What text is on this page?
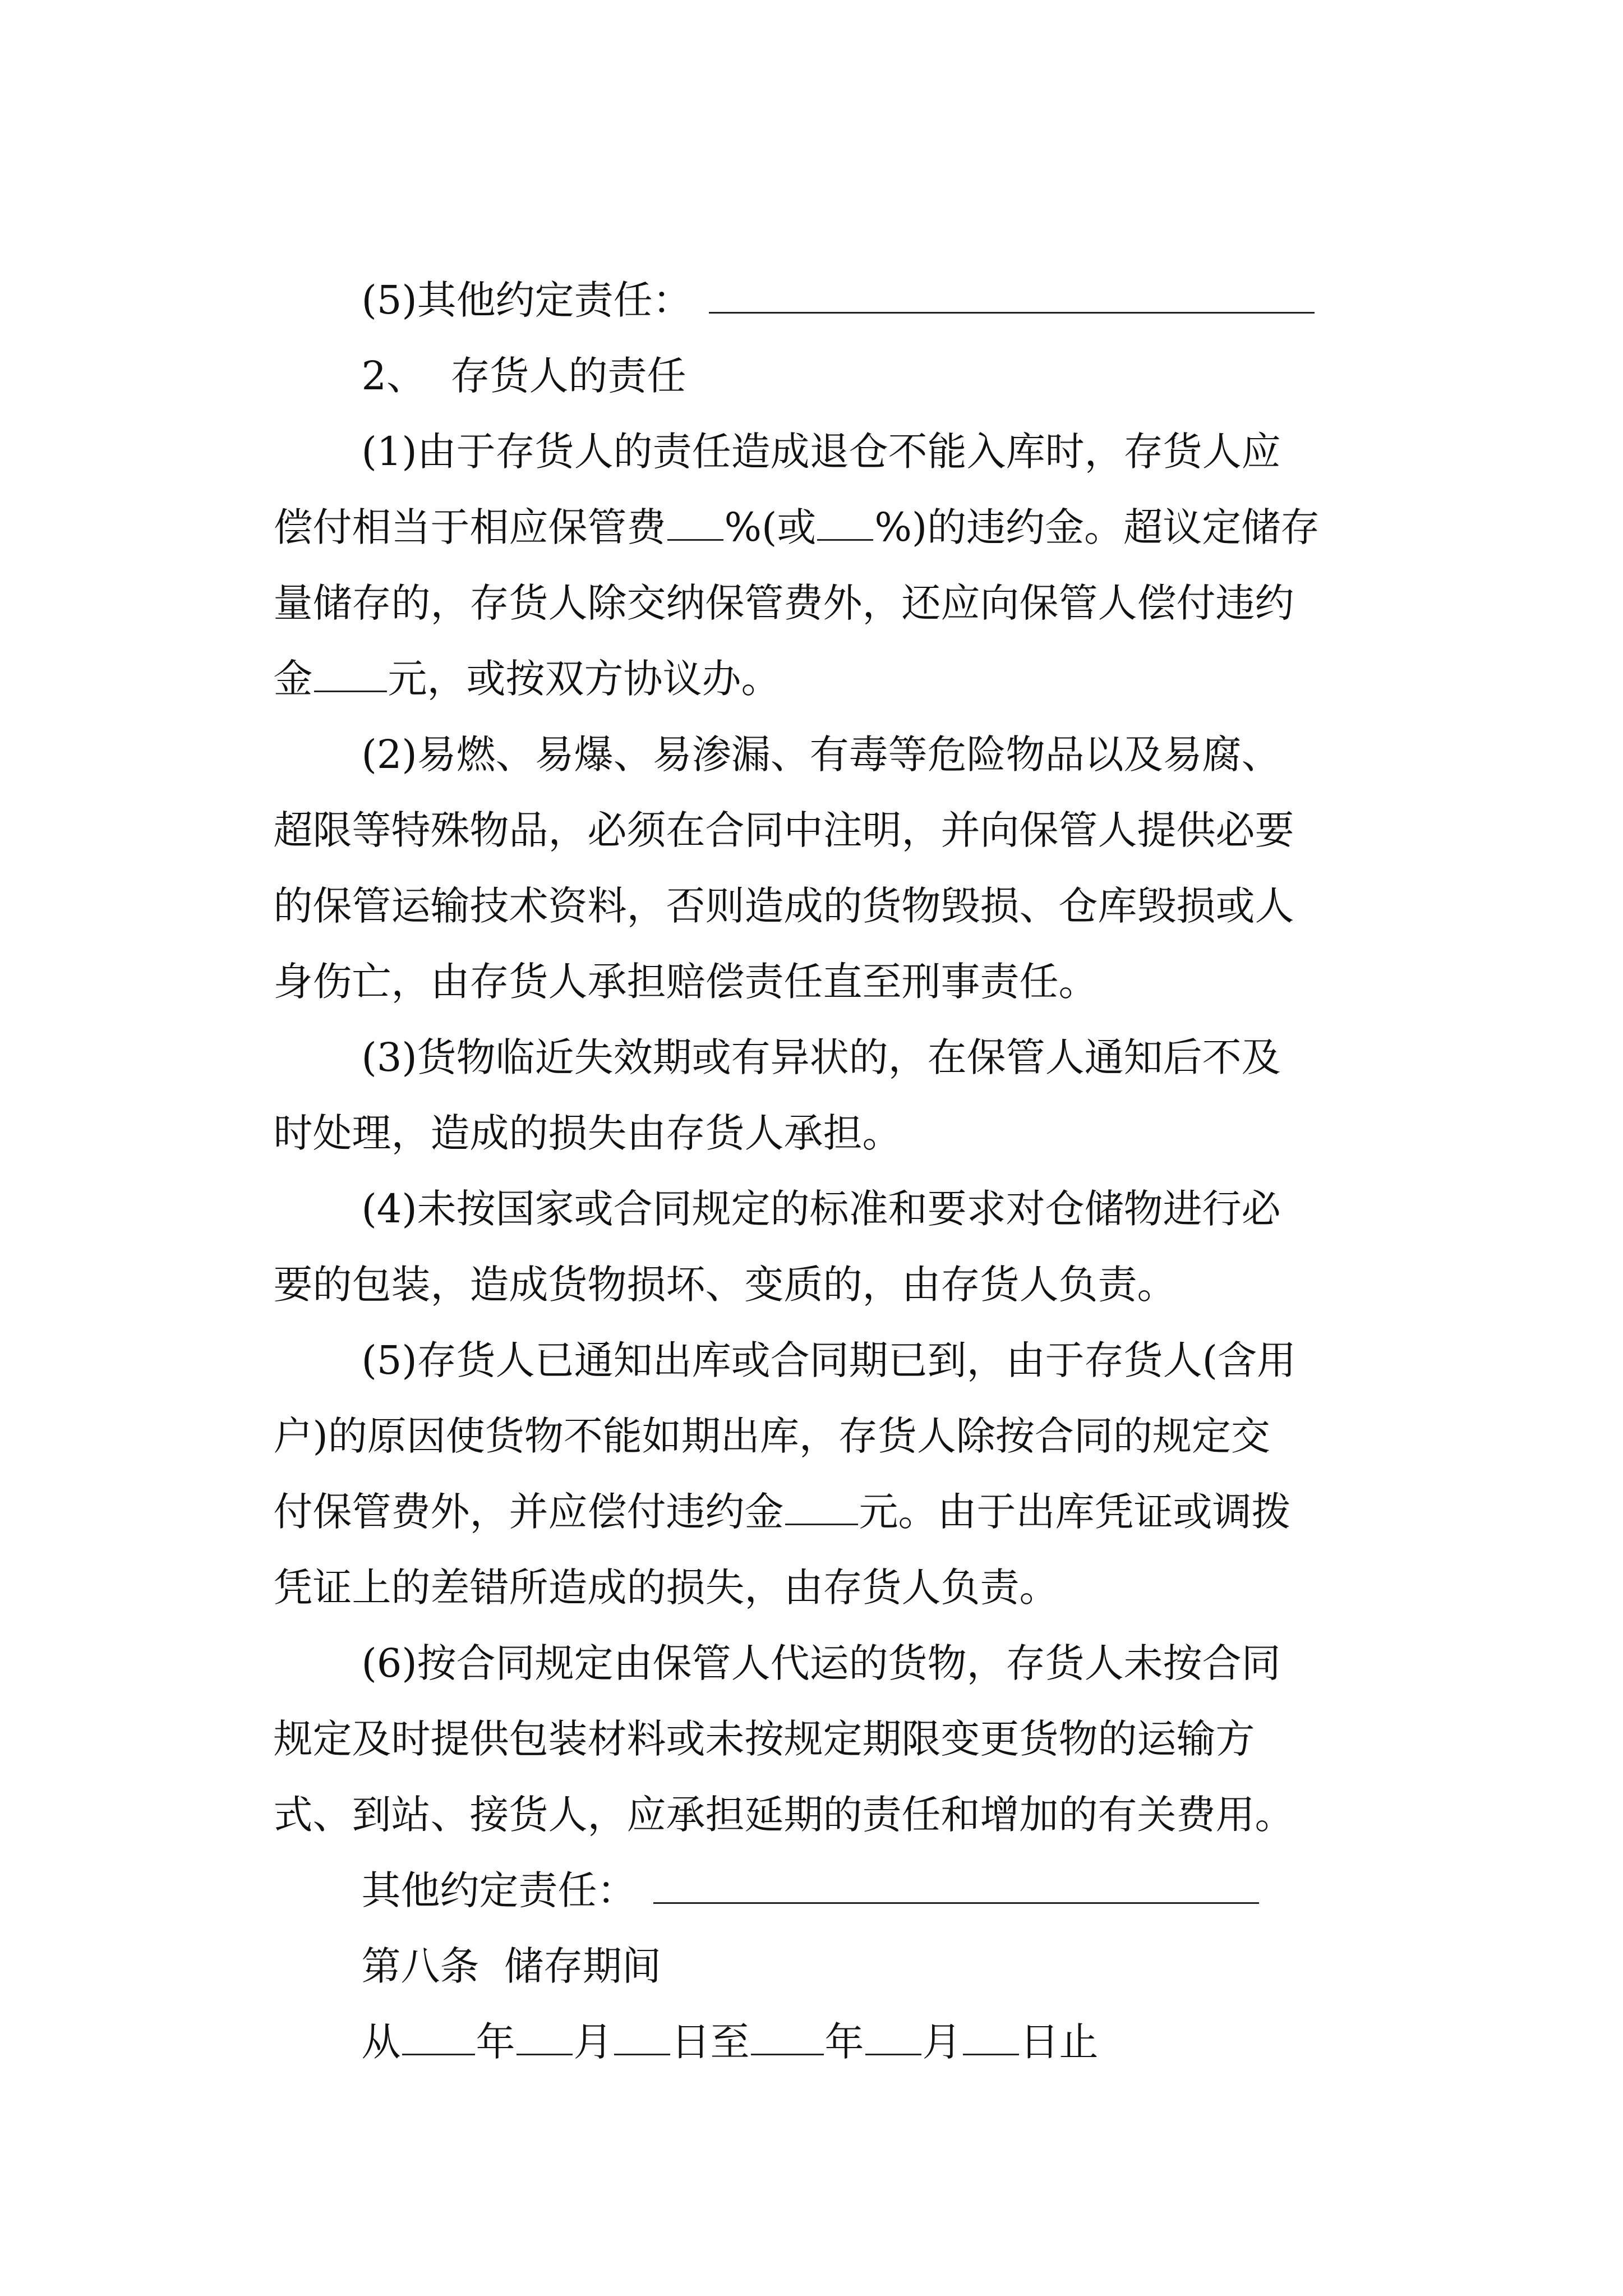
(5)其他约定责任：

2、  存货人的责任

(1)由于存货人的责任造成退仓不能入库时，存货人应

偿付相当于相应保管费 %(或 %)的违约金。超议定储存

量储存的，存货人除交纳保管费外，还应向保管人偿付违约

金 元，或按双方协议办。

(2)易燃、易爆、易渗漏、有毒等危险物品以及易腐、

超限等特殊物品，必须在合同中注明，并向保管人提供必要

的保管运输技术资料，否则造成的货物毁损、仓库毁损或人

身伤亡，由存货人承担赔偿责任直至刑事责任。

(3)货物临近失效期或有异状的，在保管人通知后不及

时处理，造成的损失由存货人承担。

(4)未按国家或合同规定的标准和要求对仓储物进行必

要的包装，造成货物损坏、变质的，由存货人负责。

(5)存货人已通知出库或合同期已到，由于存货人(含用

户)的原因使货物不能如期出库，存货人除按合同的规定交

付保管费外，并应偿付违约金 元。由于出库凭证或调拨

凭证上的差错所造成的损失，由存货人负责。

(6)按合同规定由保管人代运的货物，存货人未按合同

规定及时提供包装材料或未按规定期限变更货物的运输方

式、到站、接货人，应承担延期的责任和增加的有关费用。

其他约定责任：

第八条  储存期间

从 年 月 日至 年 月 日止
